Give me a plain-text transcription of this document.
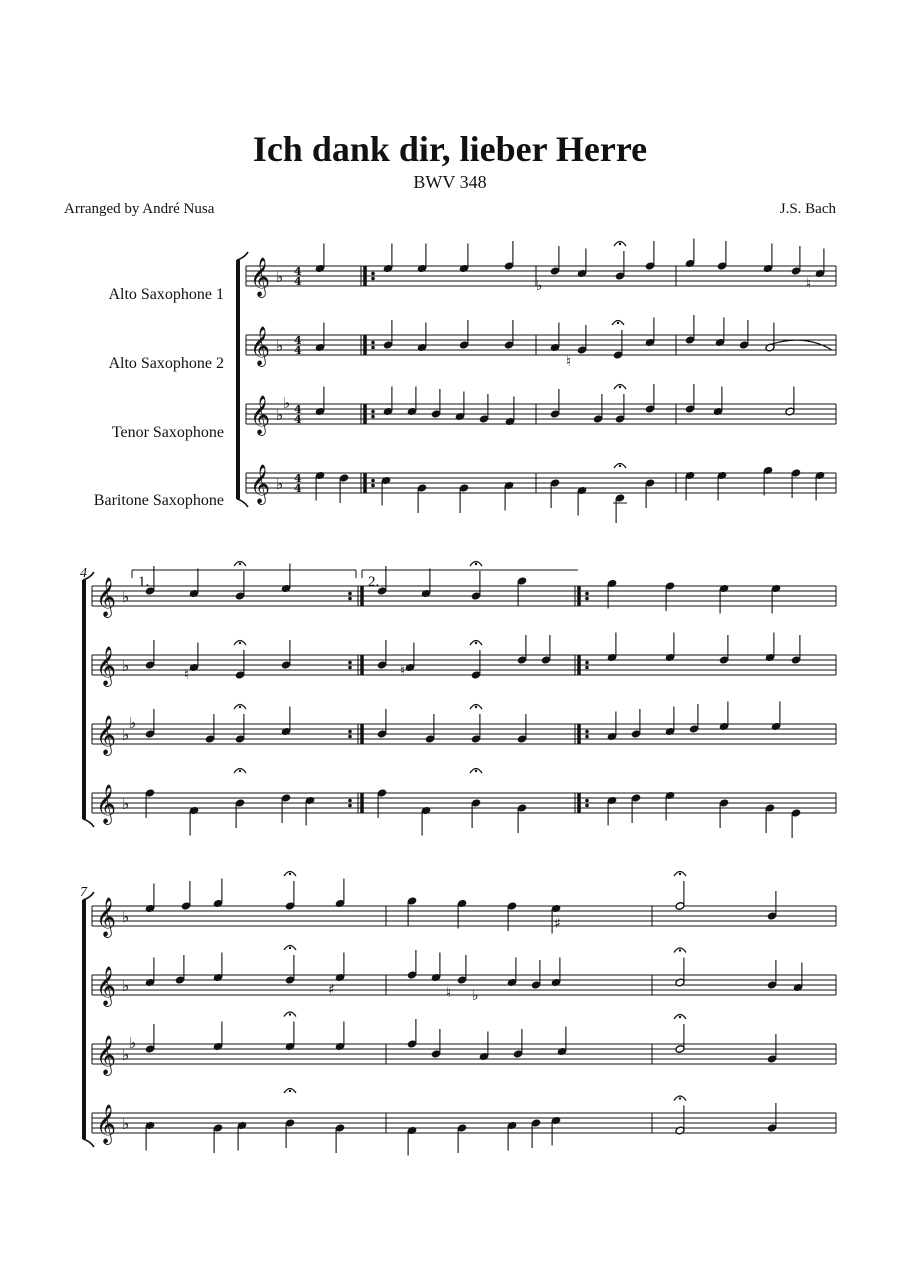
Ich dank dir, lieber Herre
BWV 348
Arranged by André Nusa	J.S. Bach
Alto Saxophone 1
Alto Saxophone 2
Tenor Saxophone
Baritone Saxophone
4
7
𝄞 ♭ 4
4
𝄞 ♭ 4
4
𝄞 ♭
♭ 4
4
𝄞 ♭ 4
4
𝄞 ♭
𝄞 ♭
𝄞 ♭
♭
𝄞 ♭
𝄞 ♭
𝄞 ♭
𝄞 ♭
♭
𝄞 ♭
♭
♮
♮
♮
♮
♯
♯	♮ ♭
1.	2.
